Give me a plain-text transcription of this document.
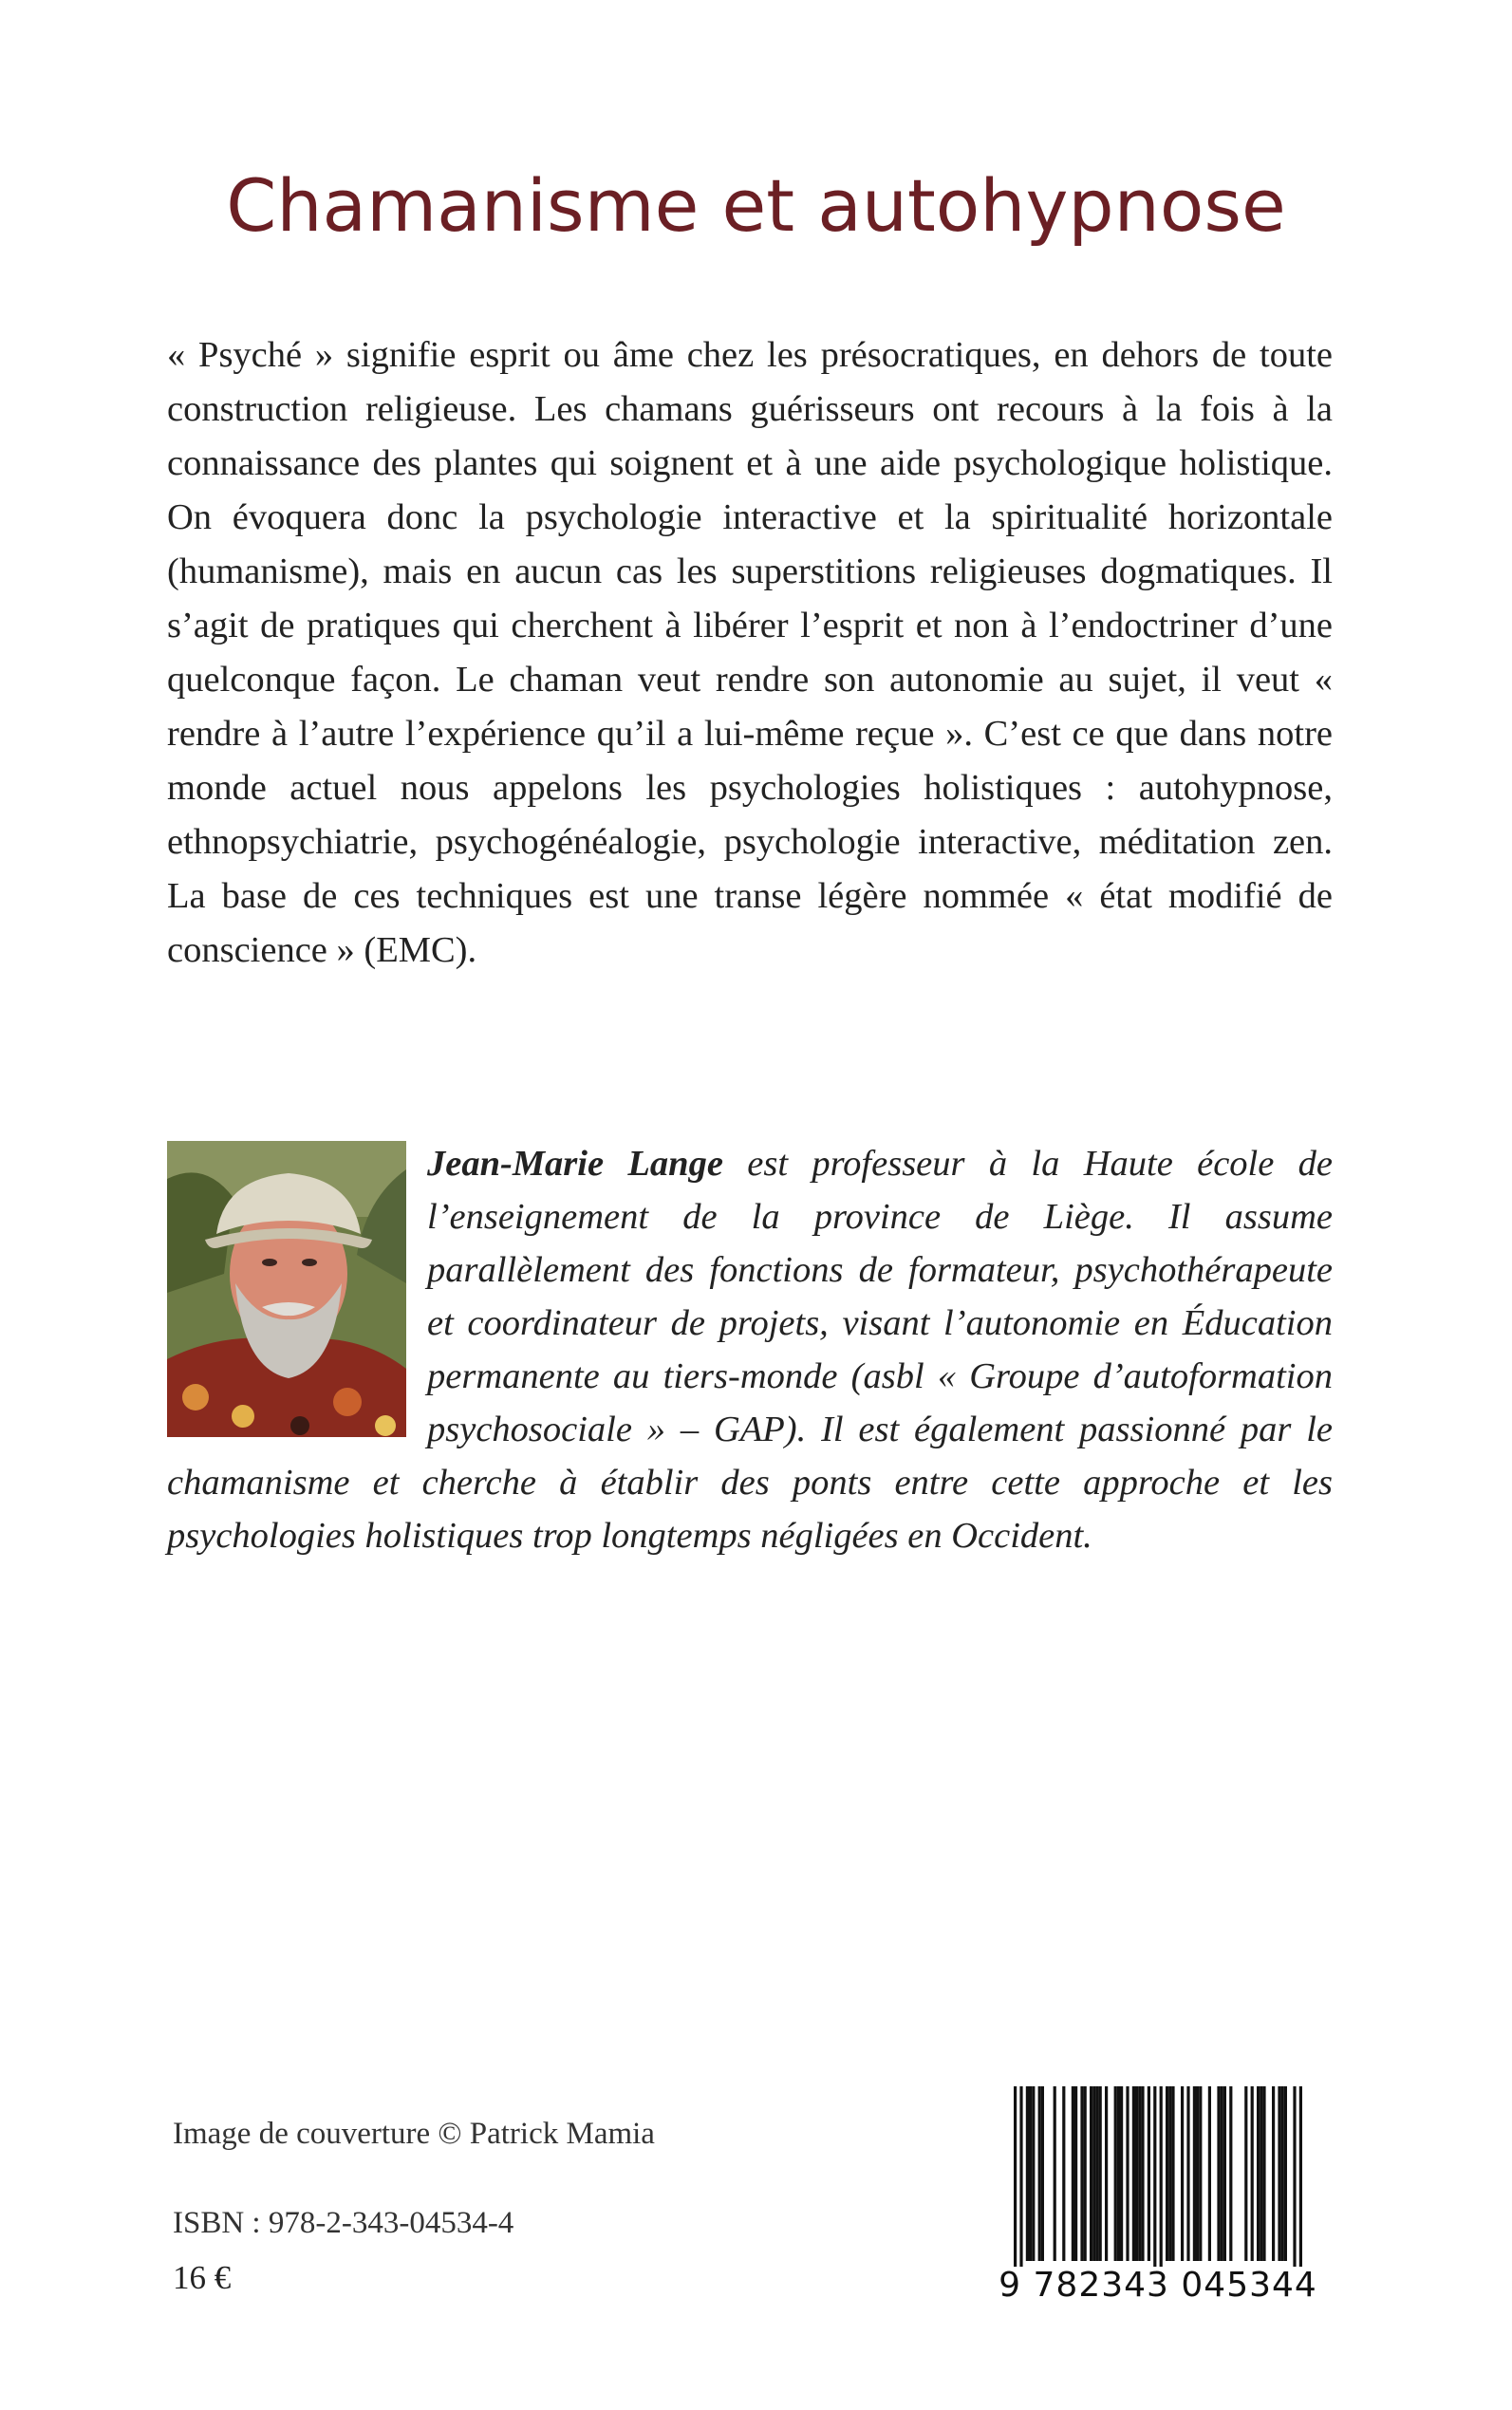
Chamanisme et autohypnose

« Psyché » signifie esprit ou âme chez les présocratiques, en dehors de toute construction religieuse. Les chamans guérisseurs ont recours à la fois à la connaissance des plantes qui soignent et à une aide psychologique holistique. On évoquera donc la psychologie interactive et la spiritualité horizontale (humanisme), mais en aucun cas les superstitions religieuses dogmatiques. Il s’agit de pratiques qui cherchent à libérer l’esprit et non à l’endoctriner d’une quelconque façon. Le chaman veut rendre son autonomie au sujet, il veut « rendre à l’autre l’expérience qu’il a lui-même reçue ». C’est ce que dans notre monde actuel nous appelons les psychologies holistiques : autohypnose, ethnopsychiatrie, psychogénéalogie, psychologie interactive, méditation zen. La base de ces techniques est une transe légère nommée « état modifié de conscience » (EMC).

Jean-Marie Lange est professeur à la Haute école de l’enseignement de la province de Liège. Il assume parallèlement des fonctions de formateur, psychothérapeute et coordinateur de projets, visant l’autonomie en Éducation permanente au tiers-monde (asbl « Groupe d’autoformation psychosociale » – GAP). Il est également passionné par le chamanisme et cherche à établir des ponts entre cette approche et les psychologies holistiques trop longtemps négligées en Occident.
Image de couverture © Patrick Mamia
ISBN : 978-2-343-04534-4
16 €	9 782343 045344
